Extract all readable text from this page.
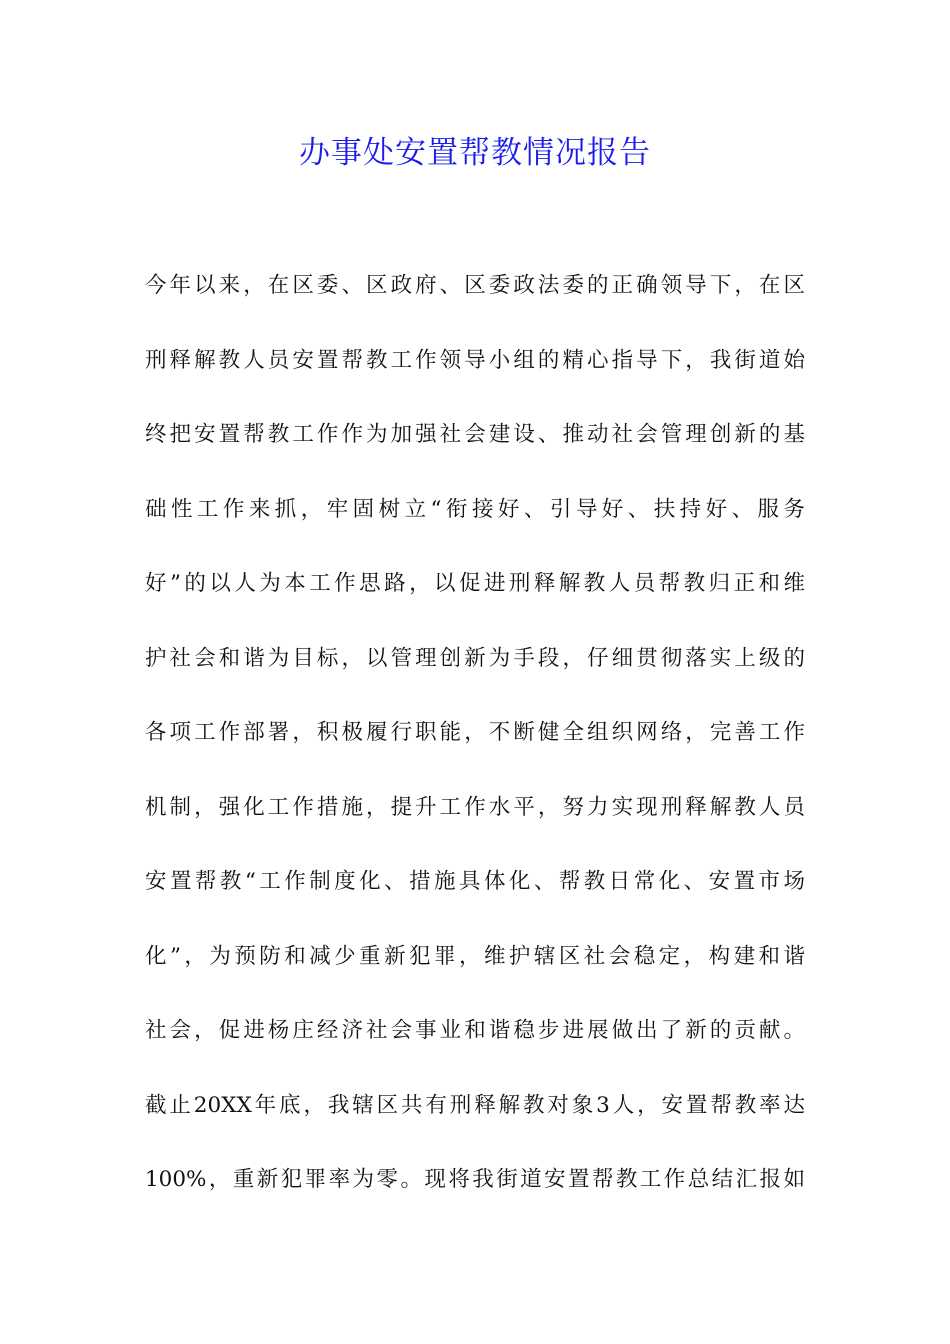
办事处安置帮教情况报告
今年以来，在区委、区政府、区委政法委的正确领导下，在区
刑释解教人员安置帮教工作领导小组的精心指导下，我街道始
终把安置帮教工作作为加强社会建设、推动社会管理创新的基
础性工作来抓，牢固树立“衔接好、引导好、扶持好、服务
好”的以人为本工作思路，以促进刑释解教人员帮教归正和维
护社会和谐为目标，以管理创新为手段，仔细贯彻落实上级的
各项工作部署，积极履行职能，不断健全组织网络，完善工作
机制，强化工作措施，提升工作水平，努力实现刑释解教人员
安置帮教“工作制度化、措施具体化、帮教日常化、安置市场
化”，为预防和减少重新犯罪，维护辖区社会稳定，构建和谐
社会，促进杨庄经济社会事业和谐稳步进展做出了新的贡献。
截止20XX年底，我辖区共有刑释解教对象3人，安置帮教率达
100%，重新犯罪率为零。现将我街道安置帮教工作总结汇报如
